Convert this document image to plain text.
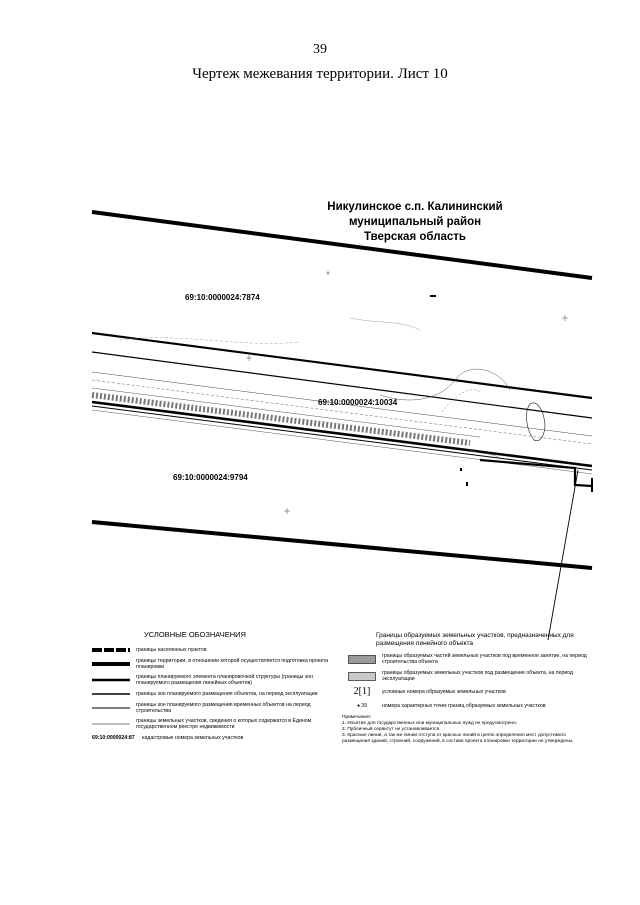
39
Чертеж межевания территории. Лист 10
Никулинское с.п. Калининский
муниципальный район
Тверская область
69:10:0000024:7874
69:10:0000024:10034
69:10:0000024:9794
УСЛОВНЫЕ ОБОЗНАЧЕНИЯ
границы населенных пунктов
границы территории, в отношении которой осуществляется подготовка проекта планировки
границы планируемого элемента планировочной структуры (границы зон планируемого размещения линейных объектов)
границы зон планируемого размещения объектов, на период эксплуатации
границы зон планируемого размещения временных объектов на период строительства
границы земельных участков, сведения о которых содержатся в Едином государственном реестре недвижимости
69:10:0000024:87 кадастровые номера земельных участков
Границы образуемых земельных участков, предназначенных для размещения линейного объекта
границы образуемых частей земельных участков под временное занятие, на период строительства объекта
границы образуемых земельных участков под размещение объекта, на период эксплуатации
2[1]	условные номера образуемых земельных участков
● 39	номера характерных точек границ образуемых земельных участков
Примечания:
1. Изъятие для государственных или муниципальных нужд не предусмотрено.
2. Публичный сервитут не устанавливается.
3. Красные линии, а так же линии отступа от красных линий в целях определения мест допустимого размещения зданий, строений, сооружений, в составе проекта планировки территории не утверждены.
